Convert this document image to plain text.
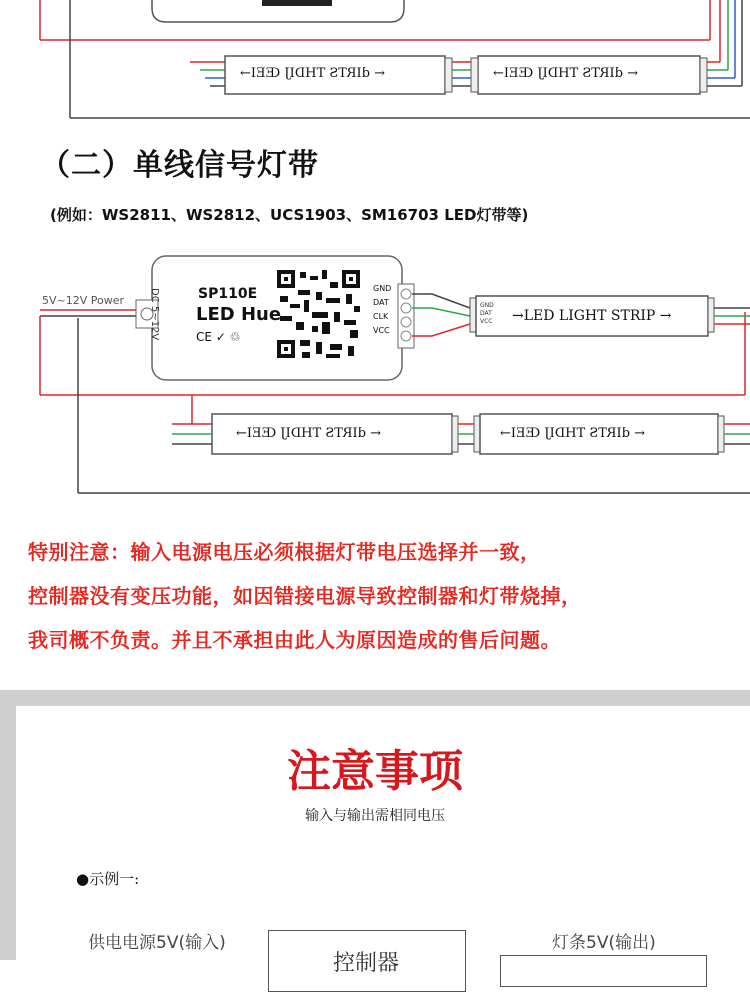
← dIRTS THDIJ ŒEI→	← dIRTS THDIJ ŒEI→
（二）单线信号灯带
(例如：WS2811、WS2812、UCS1903、SM16703 LED灯带等)
5V~12V Power DC 5~12V	SP110E
LED Hue
CE ✓ ♲
GND
DAT
CLK
VCC
GND
DAT
VCC →LED LIGHT STRIP →
← dIRTS THDIJ ŒEI→	← dIRTS THDIJ ŒEI→
特别注意：输入电源电压必须根据灯带电压选择并一致，
控制器没有变压功能，如因错接电源导致控制器和灯带烧掉，
我司概不负责。并且不承担由此人为原因造成的售后问题。
注意事项
输入与输出需相同电压
●示例一:
供电电源5V(输入)
控制器
灯条5V(输出)
